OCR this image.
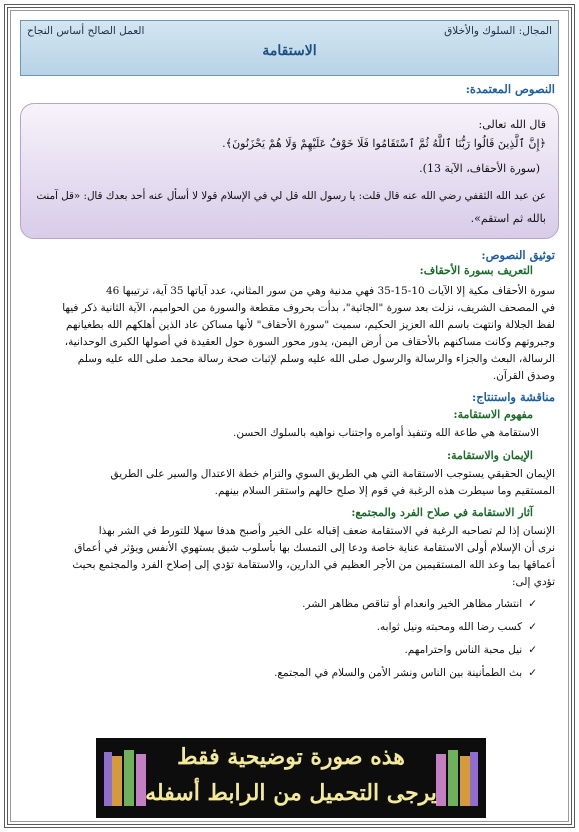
المجال: السلوك والأخلاق
العمل الصالح أساس النجاح
الاستقامة
النصوص المعتمدة:
قال الله تعالى:
﴿إِنَّ ٱلَّذِينَ قَالُوا رَبُّنَا ٱللَّهُ ثُمَّ ٱسْتَقَامُوا فَلَا خَوْفٌ عَلَيْهِمْ وَلَا هُمْ يَحْزَنُونَ﴾.
(سورة الأحقاف، الآية 13).
عن عبد الله الثقفي رضي الله عنه قال قلت: يا رسول الله قل لي في الإسلام قولا لا أسأل عنه أحد بعدك قال: «قل آمنت
بالله ثم استقم».
توثيق النصوص:
التعريف بسورة الأحقاف:
سورة الأحقاف مكية إلا الآيات 10-15-35 فهي مدنية وهي من سور المثاني، عدد آياتها 35 آية، ترتيبها 46
في المصحف الشريف، نزلت بعد سورة "الجاثية"، بدأت بحروف مقطعة والسورة من الحواميم، الآية الثانية ذكر فيها
لفظ الجلالة وانتهت باسم الله العزيز الحكيم، سميت "سورة الأحقاف" لأنها مساكن عاد الذين أهلكهم الله بطغيانهم
وجبروتهم وكانت مساكنهم بالأحقاف من أرض اليمن، يدور محور السورة حول العقيدة في أصولها الكبرى الوحدانية،
الرسالة، البعث والجزاء والرسالة والرسول صلى الله عليه وسلم لإثبات صحة رسالة محمد صلى الله عليه وسلم
وصدق القرآن.
مناقشة واستنتاج:
مفهوم الاستقامة:
الاستقامة هي طاعة الله وتنفيذ أوامره واجتناب نواهيه بالسلوك الحسن.
الإيمان والاستقامة:
الإيمان الحقيقي يستوجب الاستقامة التي هي الطريق السوي والتزام خطة الاعتدال والسير على الطريق
المستقيم وما سيطرت هذه الرغبة في قوم إلا صلح حالهم واستقر السلام بينهم.
آثار الاستقامة في صلاح الفرد والمجتمع:
الإنسان إذا لم تصاحبه الرغبة في الاستقامة ضعف إقباله على الخير وأصبح هدفا سهلا للتورط في الشر بهذا
نرى أن الإسلام أولى الاستقامة عناية خاصة ودعا إلى التمسك بها بأسلوب شيق يستهوي الأنفس ويؤثر في أعماق
أعماقها بما وعد الله المستقيمين من الأجر العظيم في الدارين، والاستقامة تؤدي إلى إصلاح الفرد والمجتمع بحيث
تؤدي إلى:
✓انتشار مظاهر الخير وانعدام أو تناقص مظاهر الشر.
✓كسب رضا الله ومحبته ونيل ثوابه.
✓نيل محبة الناس واحترامهم.
✓بث الطمأنينة بين الناس ونشر الأمن والسلام في المجتمع.
هذه صورة توضيحية فقط
يرجى التحميل من الرابط أسفله
